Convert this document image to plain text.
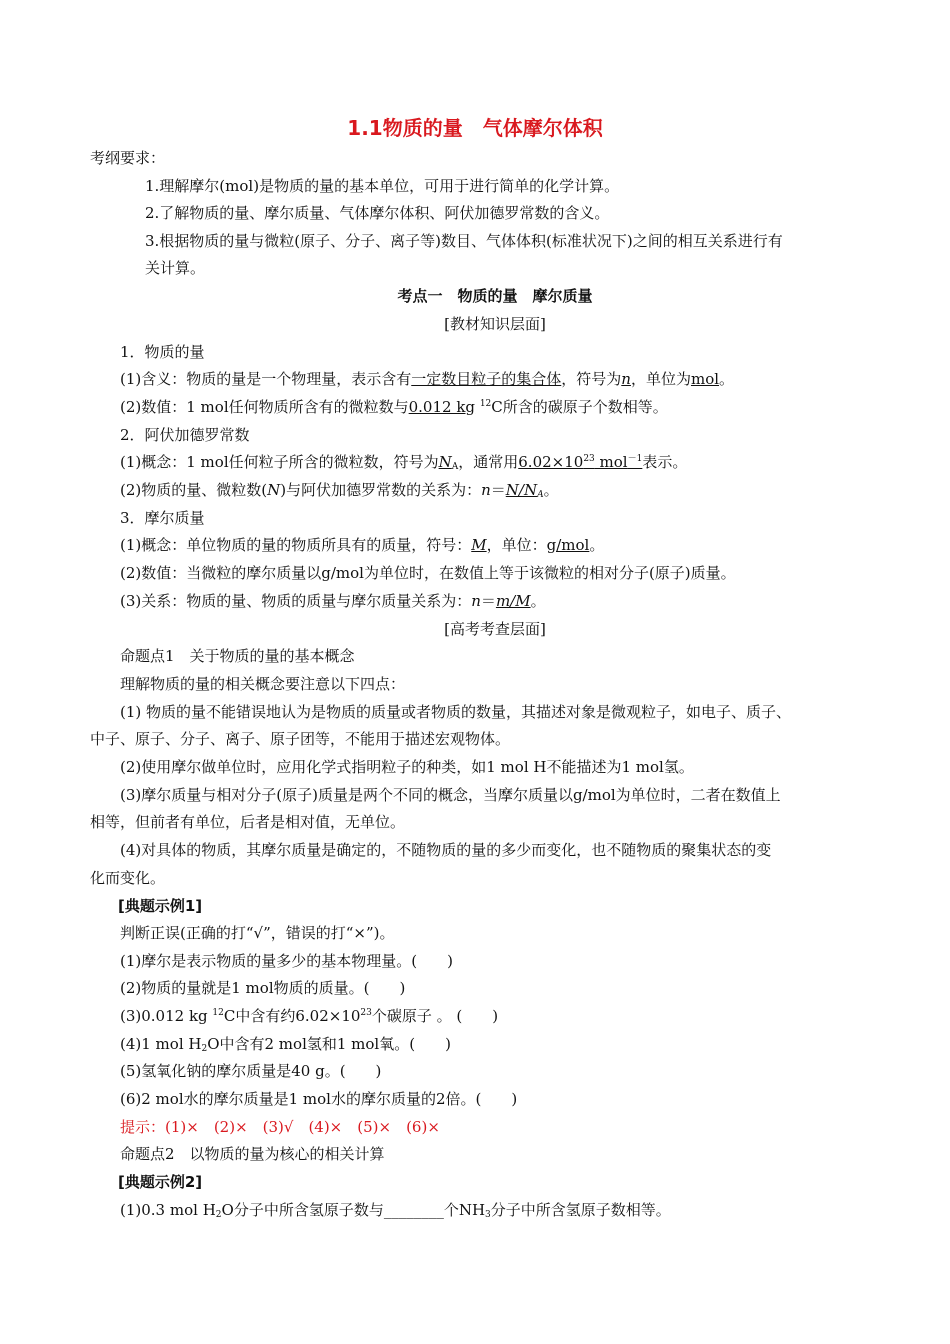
1.1物质的量　气体摩尔体积
考纲要求：
1.理解摩尔(mol)是物质的量的基本单位，可用于进行简单的化学计算。
2.了解物质的量、摩尔质量、气体摩尔体积、阿伏加德罗常数的含义。
3.根据物质的量与微粒(原子、分子、离子等)数目、气体体积(标准状况下)之间的相互关系进行有
关计算。
考点一　物质的量　摩尔质量
[教材知识层面]
1．物质的量
(1)含义：物质的量是一个物理量，表示含有一定数目粒子的集合体，符号为n，单位为mol。
(2)数值：1 mol任何物质所含有的微粒数与0.012 kg $^{12}$C所含的碳原子个数相等。
2．阿伏加德罗常数
(1)概念：1 mol任何粒子所含的微粒数，符号为$N_A$，通常用$6.02\times 10^{23}$ mol$^{-1}$表示。
(2)物质的量、微粒数(N)与阿伏加德罗常数的关系为：$n=N/N_A$。
3．摩尔质量
(1)概念：单位物质的量的物质所具有的质量，符号：M，单位：g/mol。
(2)数值：当微粒的摩尔质量以g/mol为单位时，在数值上等于该微粒的相对分子(原子)质量。
(3)关系：物质的量、物质的质量与摩尔质量关系为：n＝m/M。
[高考考查层面]
命题点1　关于物质的量的基本概念
理解物质的量的相关概念要注意以下四点：
(1) 物质的量不能错误地认为是物质的质量或者物质的数量，其描述对象是微观粒子，如电子、质子、
中子、原子、分子、离子、原子团等，不能用于描述宏观物体。
(2)使用摩尔做单位时，应用化学式指明粒子的种类，如1 mol H不能描述为1 mol氢。
(3)摩尔质量与相对分子(原子)质量是两个不同的概念，当摩尔质量以g/mol为单位时，二者在数值上
相等，但前者有单位，后者是相对值，无单位。
(4)对具体的物质，其摩尔质量是确定的，不随物质的量的多少而变化，也不随物质的聚集状态的变
化而变化。
[典题示例1]
判断正误(正确的打“√”，错误的打“×”)。
(1)摩尔是表示物质的量多少的基本物理量。(　　)
(2)物质的量就是1 mol物质的质量。(　　)
(3)0.012 kg $^{12}$C中含有约$6.02\times 10^{23}$个碳原子 。 (　　)
(4)1 mol $H_2O$中含有2 mol氢和1 mol氧。(　　)
(5)氢氧化钠的摩尔质量是40 g。(　　)
(6)2 mol水的摩尔质量是1 mol水的摩尔质量的2倍。(　　)
提示：(1)×　(2)×　(3)√　(4)×　(5)×　(6)×
命题点2　以物质的量为核心的相关计算
[典题示例2]
(1)0.3 mol $H_2O$分子中所含氢原子数与________个$NH_3$分子中所含氢原子数相等。
